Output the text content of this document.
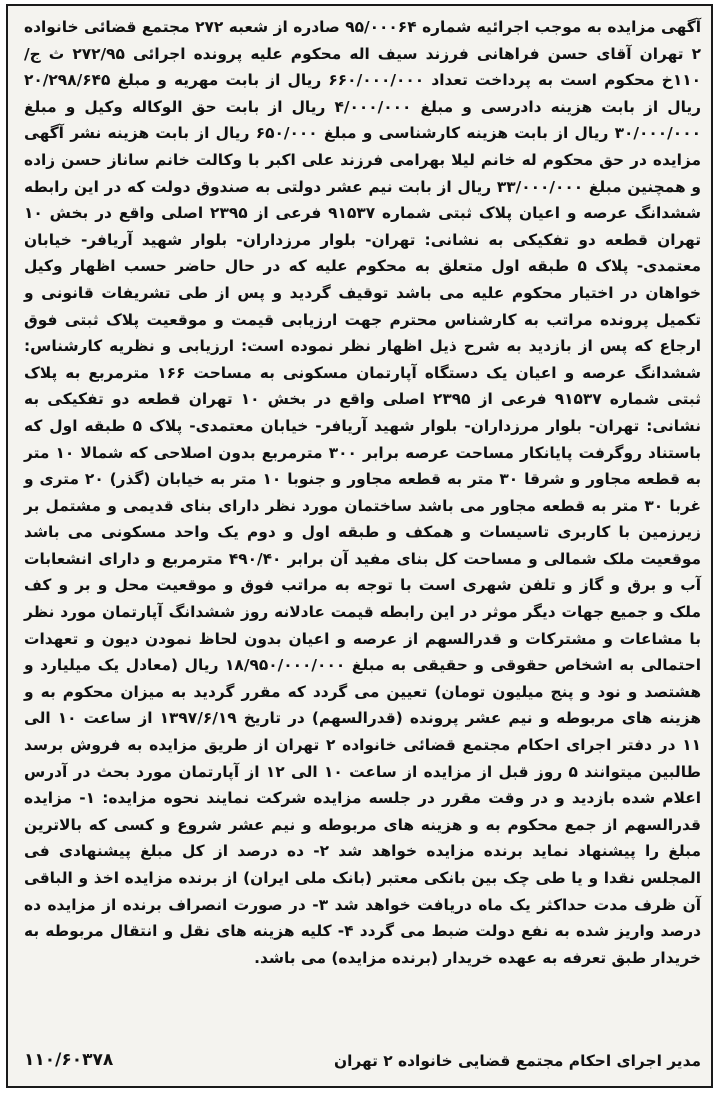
آگهی مزایده به موجب اجرائیه شماره ۹۵/۰۰۰۶۴ صادره از شعبه ۲۷۲ مجتمع قضائی خانواده ۲ تهران آقای حسن فراهانی فرزند سیف اله محکوم علیه پرونده اجرائی ۲۷۲/۹۵ ث ج/۱۱۰خ محکوم است به پرداخت تعداد ۶۶۰/۰۰۰/۰۰۰ ریال از بابت مهریه و مبلغ ۲۰/۲۹۸/۶۴۵ ریال از بابت هزینه دادرسی و مبلغ ۴/۰۰۰/۰۰۰ ریال از بابت حق الوکاله وکیل و مبلغ ۳۰/۰۰۰/۰۰۰ ریال از بابت هزینه کارشناسی و مبلغ ۶۵۰/۰۰۰ ریال از بابت هزینه نشر آگهی مزایده در حق محکوم له خانم لیلا بهرامی فرزند علی اکبر با وکالت خانم ساناز حسن زاده و همچنین مبلغ ۳۳/۰۰۰/۰۰۰ ریال از بابت نیم عشر دولتی به صندوق دولت که در این رابطه ششدانگ عرصه و اعیان پلاک ثبتی شماره ۹۱۵۳۷ فرعی از ۲۳۹۵ اصلی واقع در بخش ۱۰ تهران قطعه دو تفکیکی به نشانی: تهران- بلوار مرزداران- بلوار شهید آریافر- خیابان معتمدی- پلاک ۵ طبقه اول متعلق به محکوم علیه که در حال حاضر حسب اظهار وکیل خواهان در اختیار محکوم علیه می باشد توقیف گردید و پس از طی تشریفات قانونی و تکمیل پرونده مراتب به کارشناس محترم جهت ارزیابی قیمت و موقعیت پلاک ثبتی فوق ارجاع که پس از بازدید به شرح ذیل اظهار نظر نموده است: ارزیابی و نظریه کارشناس: ششدانگ عرصه و اعیان یک دستگاه آپارتمان مسکونی به مساحت ۱۶۶ مترمربع به پلاک ثبتی شماره ۹۱۵۳۷ فرعی از ۲۳۹۵ اصلی واقع در بخش ۱۰ تهران قطعه دو تفکیکی به نشانی: تهران- بلوار مرزداران- بلوار شهید آریافر- خیابان معتمدی- پلاک ۵ طبقه اول که باستناد روگرفت پایانکار مساحت عرصه برابر ۳۰۰ مترمربع بدون اصلاحی که شمالا ۱۰ متر به قطعه مجاور و شرقا ۳۰ متر به قطعه مجاور و جنوبا ۱۰ متر به خیابان (گذر) ۲۰ متری و غربا ۳۰ متر به قطعه مجاور می باشد ساختمان مورد نظر دارای بنای قدیمی و مشتمل بر زیرزمین با کاربری تاسیسات و همکف و طبقه اول و دوم یک واحد مسکونی می باشد موقعیت ملک شمالی و مساحت کل بنای مفید آن برابر ۴۹۰/۴۰ مترمربع و دارای انشعابات آب و برق و گاز و تلفن شهری است با توجه به مراتب فوق و موقعیت محل و بر و کف ملک و جمیع جهات دیگر موثر در این رابطه قیمت عادلانه روز ششدانگ آپارتمان مورد نظر با مشاعات و مشترکات و قدرالسهم از عرصه و اعیان بدون لحاظ نمودن دیون و تعهدات احتمالی به اشخاص حقوقی و حقیقی به مبلغ ۱۸/۹۵۰/۰۰۰/۰۰۰ ریال (معادل یک میلیارد و هشتصد و نود و پنج میلیون تومان) تعیین می گردد که مقرر گردید به میزان محکوم به و هزینه های مربوطه و نیم عشر پرونده (قدرالسهم) در تاریخ ۱۳۹۷/۶/۱۹ از ساعت ۱۰ الی ۱۱ در دفتر اجرای احکام مجتمع قضائی خانواده ۲ تهران از طریق مزایده به فروش برسد طالبین میتوانند ۵ روز قبل از مزایده از ساعت ۱۰ الی ۱۲ از آپارتمان مورد بحث در آدرس اعلام شده بازدید و در وقت مقرر در جلسه مزایده شرکت نمایند نحوه مزایده: ۱- مزایده قدرالسهم از جمع محکوم به و هزینه های مربوطه و نیم عشر شروع و کسی که بالاترین مبلغ را پیشنهاد نماید برنده مزایده خواهد شد ۲- ده درصد از کل مبلغ پیشنهادی فی المجلس نقدا و یا طی چک بین بانکی معتبر (بانک ملی ایران) از برنده مزایده اخذ و الباقی آن ظرف مدت حداکثر یک ماه دریافت خواهد شد ۳- در صورت انصراف برنده از مزایده ده درصد واریز شده به نفع دولت ضبط می گردد ۴- کلیه هزینه های نقل و انتقال مربوطه به خریدار طبق تعرفه به عهده خریدار (برنده مزایده) می باشد.
مدیر اجرای احکام مجتمع قضایی خانواده ۲ تهران
۱۱۰/۶۰۳۷۸
